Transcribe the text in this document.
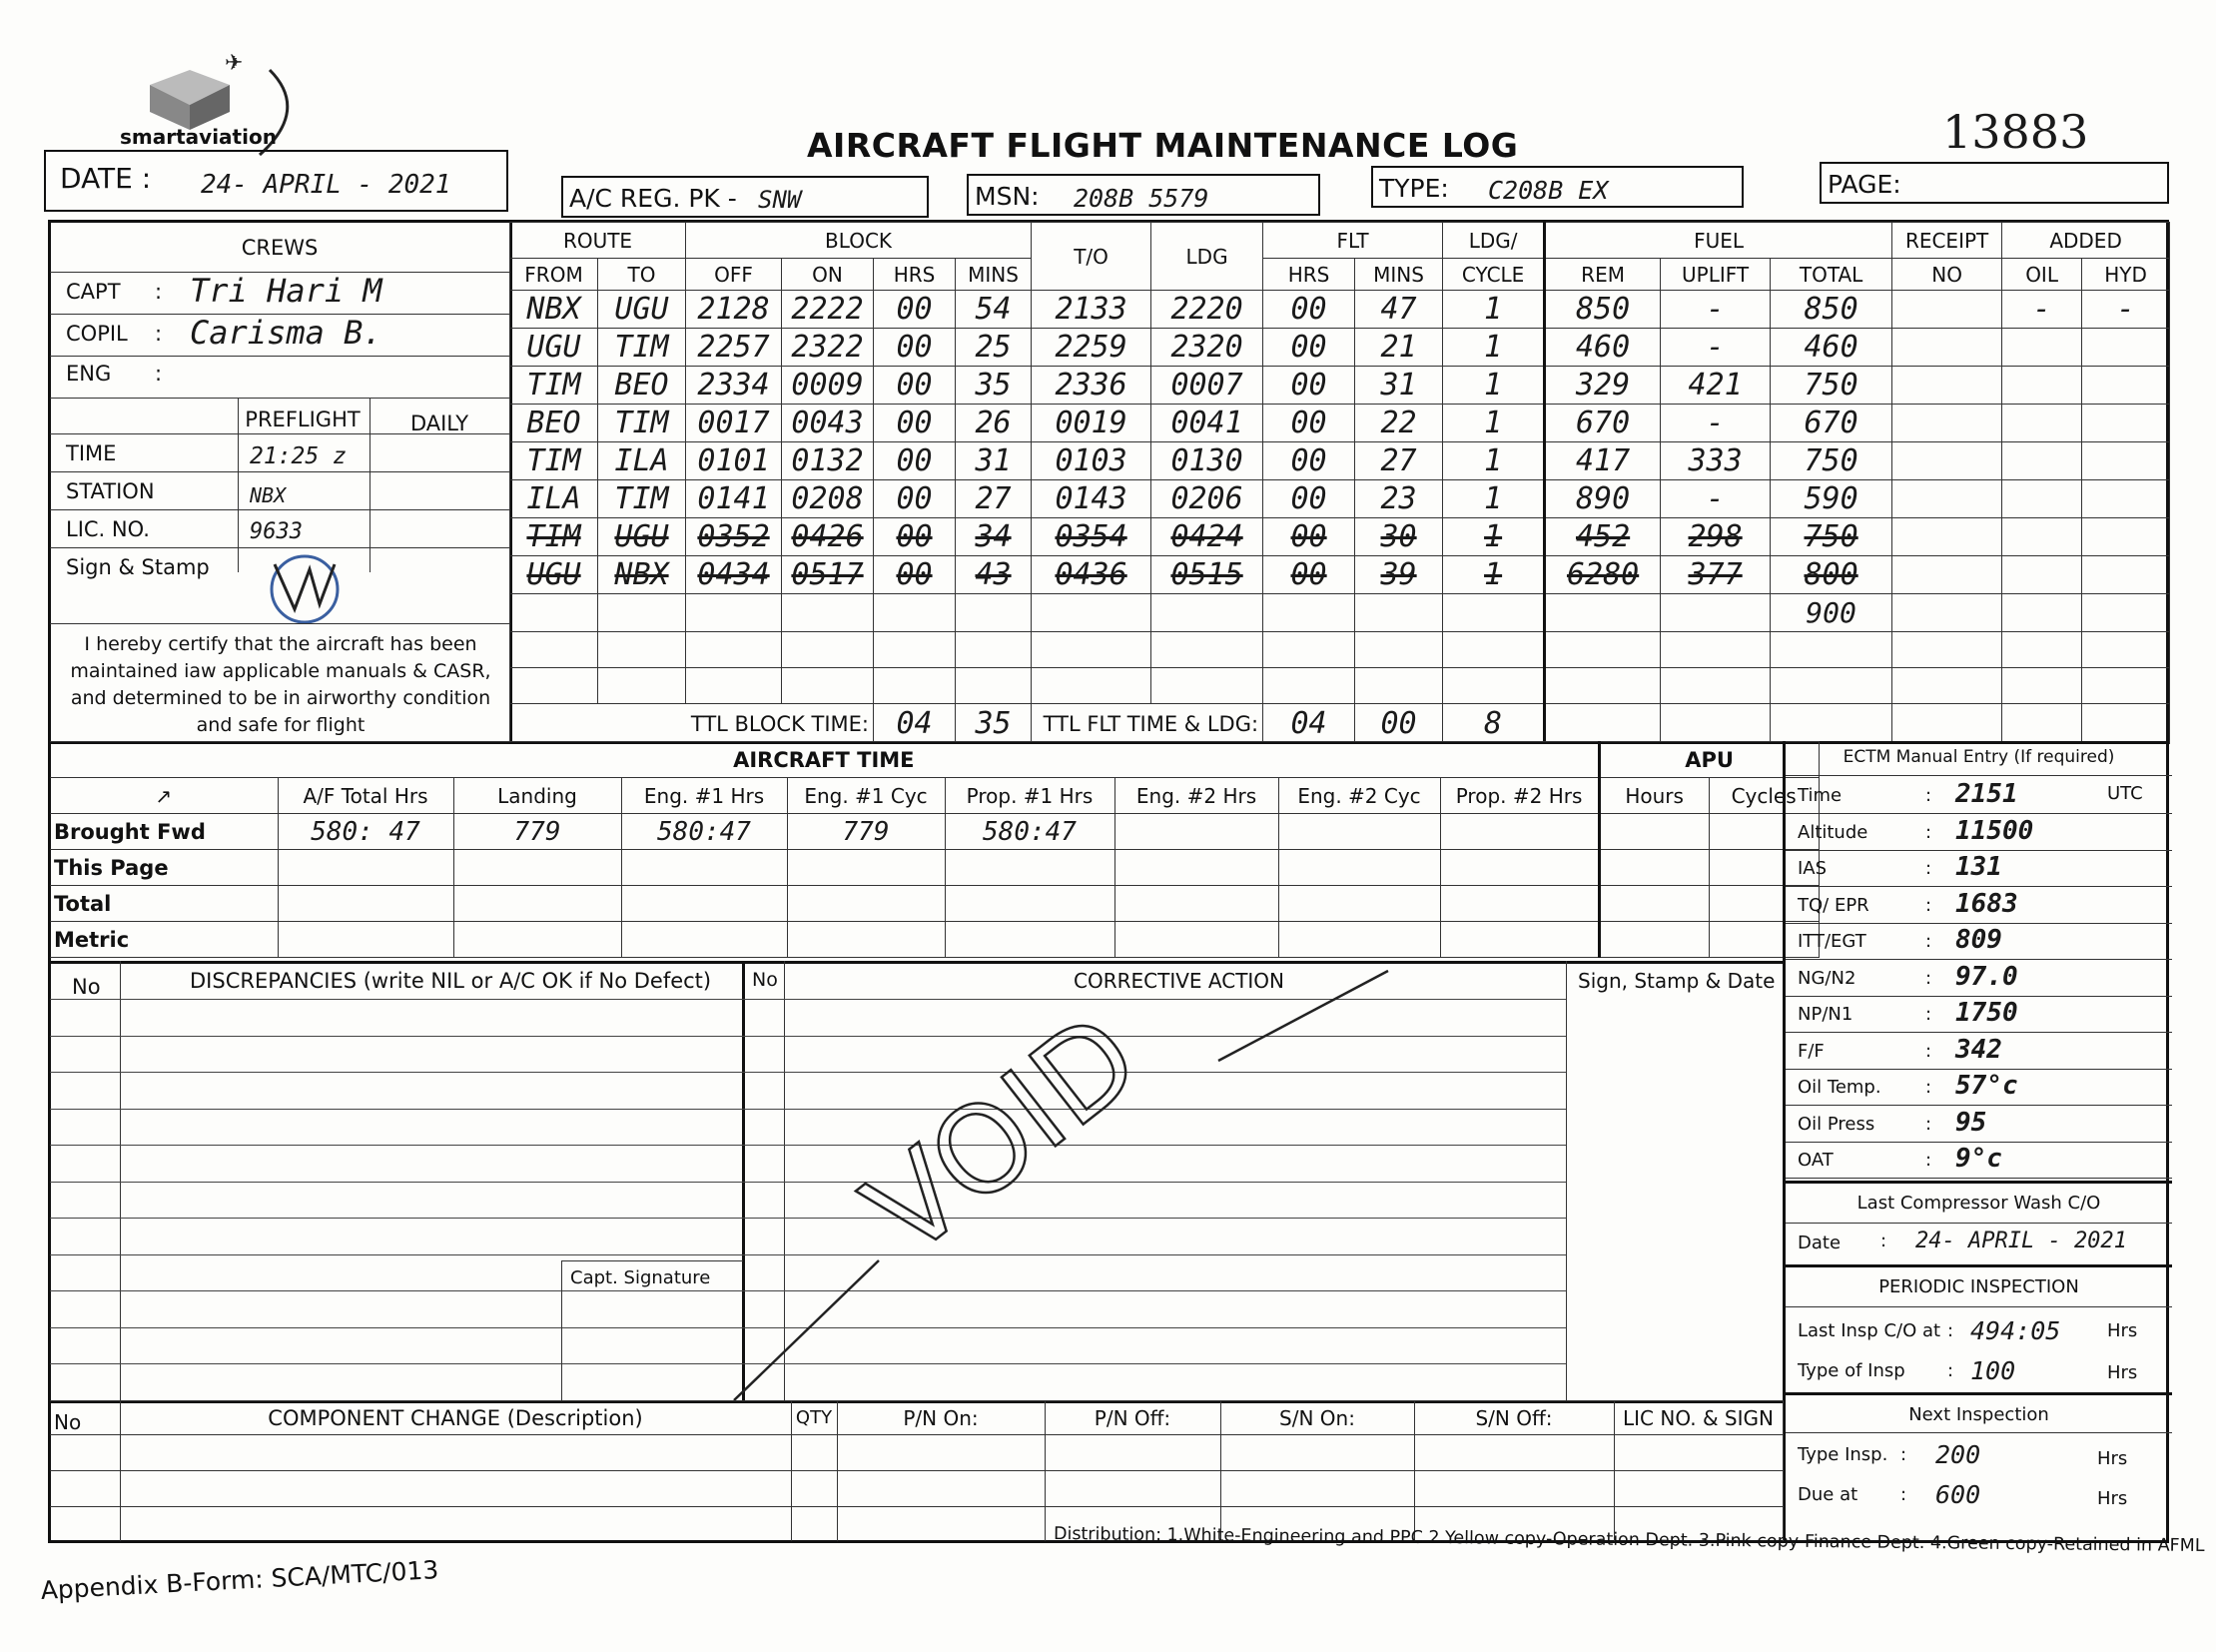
✈
smartaviation	AIRCRAFT FLIGHT MAINTENANCE LOG	13883
DATE : 24- APRIL - 2021	A/C REG. PK - SNW	MSN: 208B 5579	TYPE: C208B EX	PAGE:
CREWS
CAPT : Tri Hari M
COPIL : Carisma B.
ENG :
PREFLIGHT	DAILY
TIME	21:25 z
STATION	NBX
LIC. NO.	9633
Sign & Stamp
I hereby certify that the aircraft has been maintained iaw applicable manuals & CASR, and determined to be in airworthy condition and safe for flight
ROUTE		BLOCK				T/O	LDG	FLT		LDG/	FUEL			RECEIPT	ADDED	
FROM	TO	OFF	ON	HRS	MINS			HRS	MINS	CYCLE	REM	UPLIFT	TOTAL	NO	OIL	HYD
NBX	UGU	2128	2222	00	54	2133	2220	00	47	1	850	-	850		-	-
UGU	TIM	2257	2322	00	25	2259	2320	00	21	1	460	-	460			
TIM	BEO	2334	0009	00	35	2336	0007	00	31	1	329	421	750			
BEO	TIM	0017	0043	00	26	0019	0041	00	22	1	670	-	670			
TIM	ILA	0101	0132	00	31	0103	0130	00	27	1	417	333	750			
ILA	TIM	0141	0208	00	27	0143	0206	00	23	1	890	-	590			
TIM	UGU	0352	0426	00	34	0354	0424	00	30	1	452	298	750			
UGU	NBX	0434	0517	00	43	0436	0515	00	39	1	6280	377	800			
													900			

TTL BLOCK TIME:				04	35	TTL FLT TIME & LDG:		04	00	8						
AIRCRAFT TIME									APU	
↗	A/F Total Hrs	Landing	Eng. #1 Hrs	Eng. #1 Cyc	Prop. #1 Hrs	Eng. #2 Hrs	Eng. #2 Cyc	Prop. #2 Hrs	Hours	Cycles
Brought Fwd	580: 47	779	580:47	779	580:47					
This Page										
Total										
Metric										
ECTM Manual Entry (If required)
Time	: 2151
Altitude	: 11500
IAS	: 131
TQ/ EPR	: 1683
ITT/EGT	: 809
NG/N2	: 97.0
NP/N1	: 1750
F/F	: 342
Oil Temp. : 57°c
Oil Press	: 95
OAT	: 9°c
UTC
Last Compressor Wash C/O
Date : 24- APRIL - 2021
PERIODIC INSPECTION
Last Insp C/O at : 494:05	Hrs
Type of Insp : 100	Hrs
Next Inspection
Type Insp. : 200	Hrs
Due at : 600	Hrs
No	DISCREPANCIES (write NIL or A/C OK if No Defect) No	CORRECTIVE ACTION	Sign, Stamp & Date
Capt. Signature VOID
No	COMPONENT CHANGE (Description)	QTY	P/N On:	P/N Off:	S/N On:	S/N Off:	LIC NO. & SIGN

Distribution: 1.White-Engineering and PPC 2.Yellow copy-Operation Dept. 3.Pink copy-Finance Dept. 4.Green copy-Retained in AFML
Appendix B-Form: SCA/MTC/013
